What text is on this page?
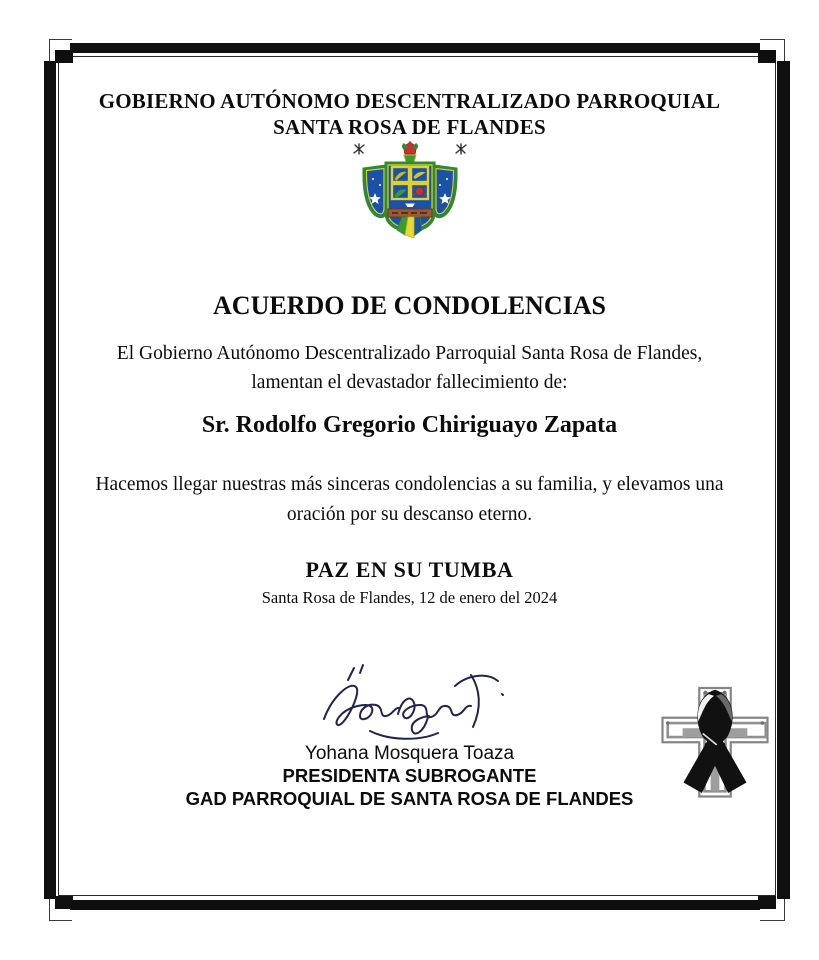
GOBIERNO AUTÓNOMO DESCENTRALIZADO PARROQUIAL
SANTA ROSA DE FLANDES
ACUERDO DE CONDOLENCIAS
El Gobierno Autónomo Descentralizado Parroquial Santa Rosa de Flandes,
lamentan el devastador fallecimiento de:
Sr. Rodolfo Gregorio Chiriguayo Zapata
Hacemos llegar nuestras más sinceras condolencias a su familia, y elevamos una
oración por su descanso eterno.
PAZ EN SU TUMBA
Santa Rosa de Flandes, 12 de enero del 2024
Yohana Mosquera Toaza
PRESIDENTA SUBROGANTE
GAD PARROQUIAL DE SANTA ROSA DE FLANDES
